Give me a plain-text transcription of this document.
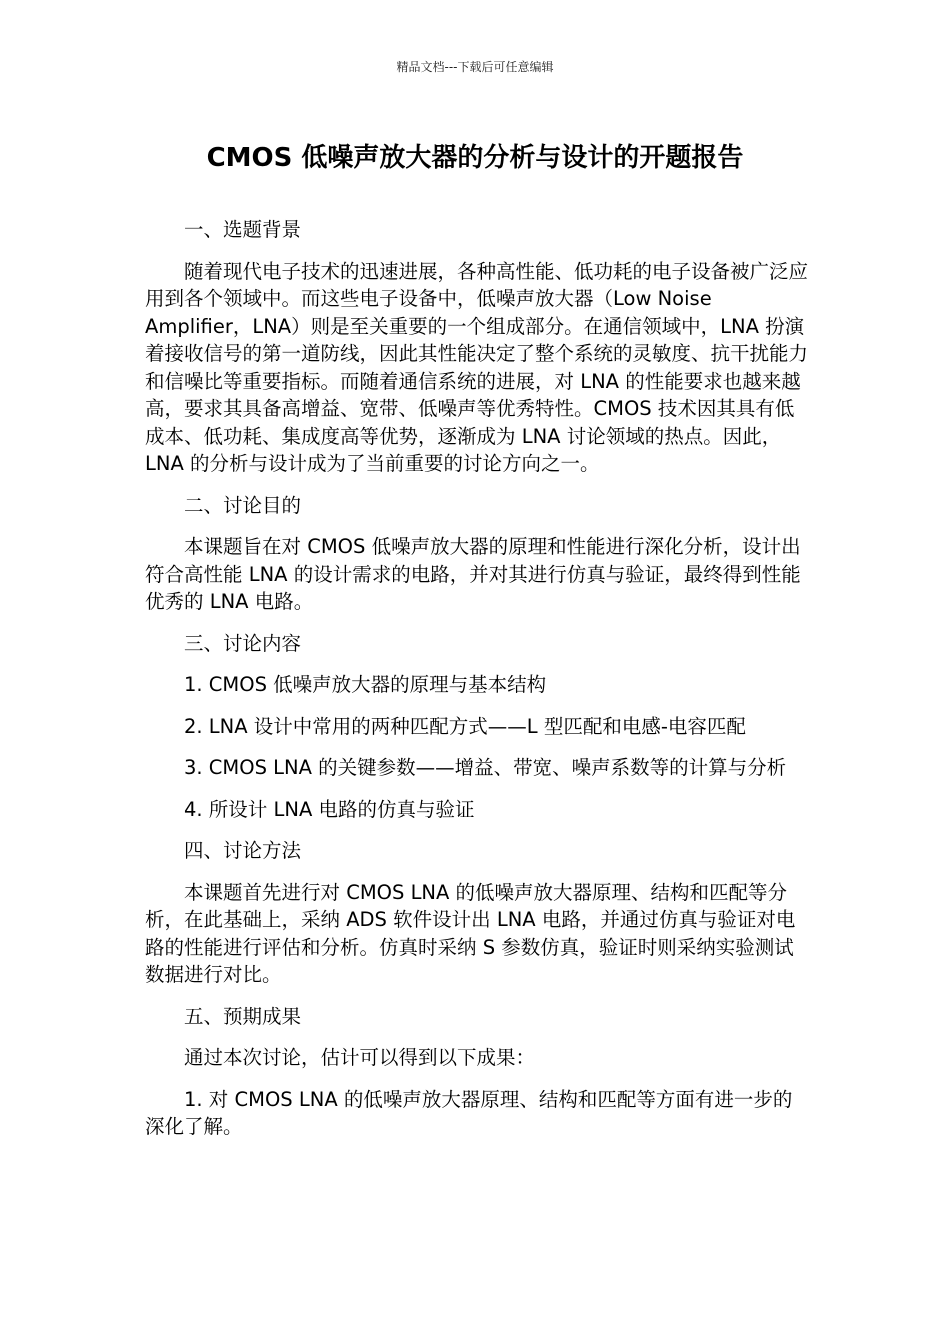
精品文档---下载后可任意编辑
CMOS 低噪声放大器的分析与设计的开题报告

一、选题背景

随着现代电子技术的迅速进展，各种高性能、低功耗的电子设备被广泛应用到各个领域中。而这些电子设备中，低噪声放大器（Low Noise Amplifier，LNA）则是至关重要的一个组成部分。在通信领域中，LNA 扮演着接收信号的第一道防线，因此其性能决定了整个系统的灵敏度、抗干扰能力和信噪比等重要指标。而随着通信系统的进展，对 LNA 的性能要求也越来越高，要求其具备高增益、宽带、低噪声等优秀特性。CMOS 技术因其具有低成本、低功耗、集成度高等优势，逐渐成为 LNA 讨论领域的热点。因此，LNA 的分析与设计成为了当前重要的讨论方向之一。

二、讨论目的

本课题旨在对 CMOS 低噪声放大器的原理和性能进行深化分析，设计出符合高性能 LNA 的设计需求的电路，并对其进行仿真与验证，最终得到性能优秀的 LNA 电路。

三、讨论内容

1. CMOS 低噪声放大器的原理与基本结构

2. LNA 设计中常用的两种匹配方式——L 型匹配和电感-电容匹配

3. CMOS LNA 的关键参数——增益、带宽、噪声系数等的计算与分析

4. 所设计 LNA 电路的仿真与验证

四、讨论方法

本课题首先进行对 CMOS LNA 的低噪声放大器原理、结构和匹配等分析，在此基础上，采纳 ADS 软件设计出 LNA 电路，并通过仿真与验证对电路的性能进行评估和分析。仿真时采纳 S 参数仿真，验证时则采纳实验测试数据进行对比。

五、预期成果

通过本次讨论，估计可以得到以下成果：

1. 对 CMOS LNA 的低噪声放大器原理、结构和匹配等方面有进一步的深化了解。
